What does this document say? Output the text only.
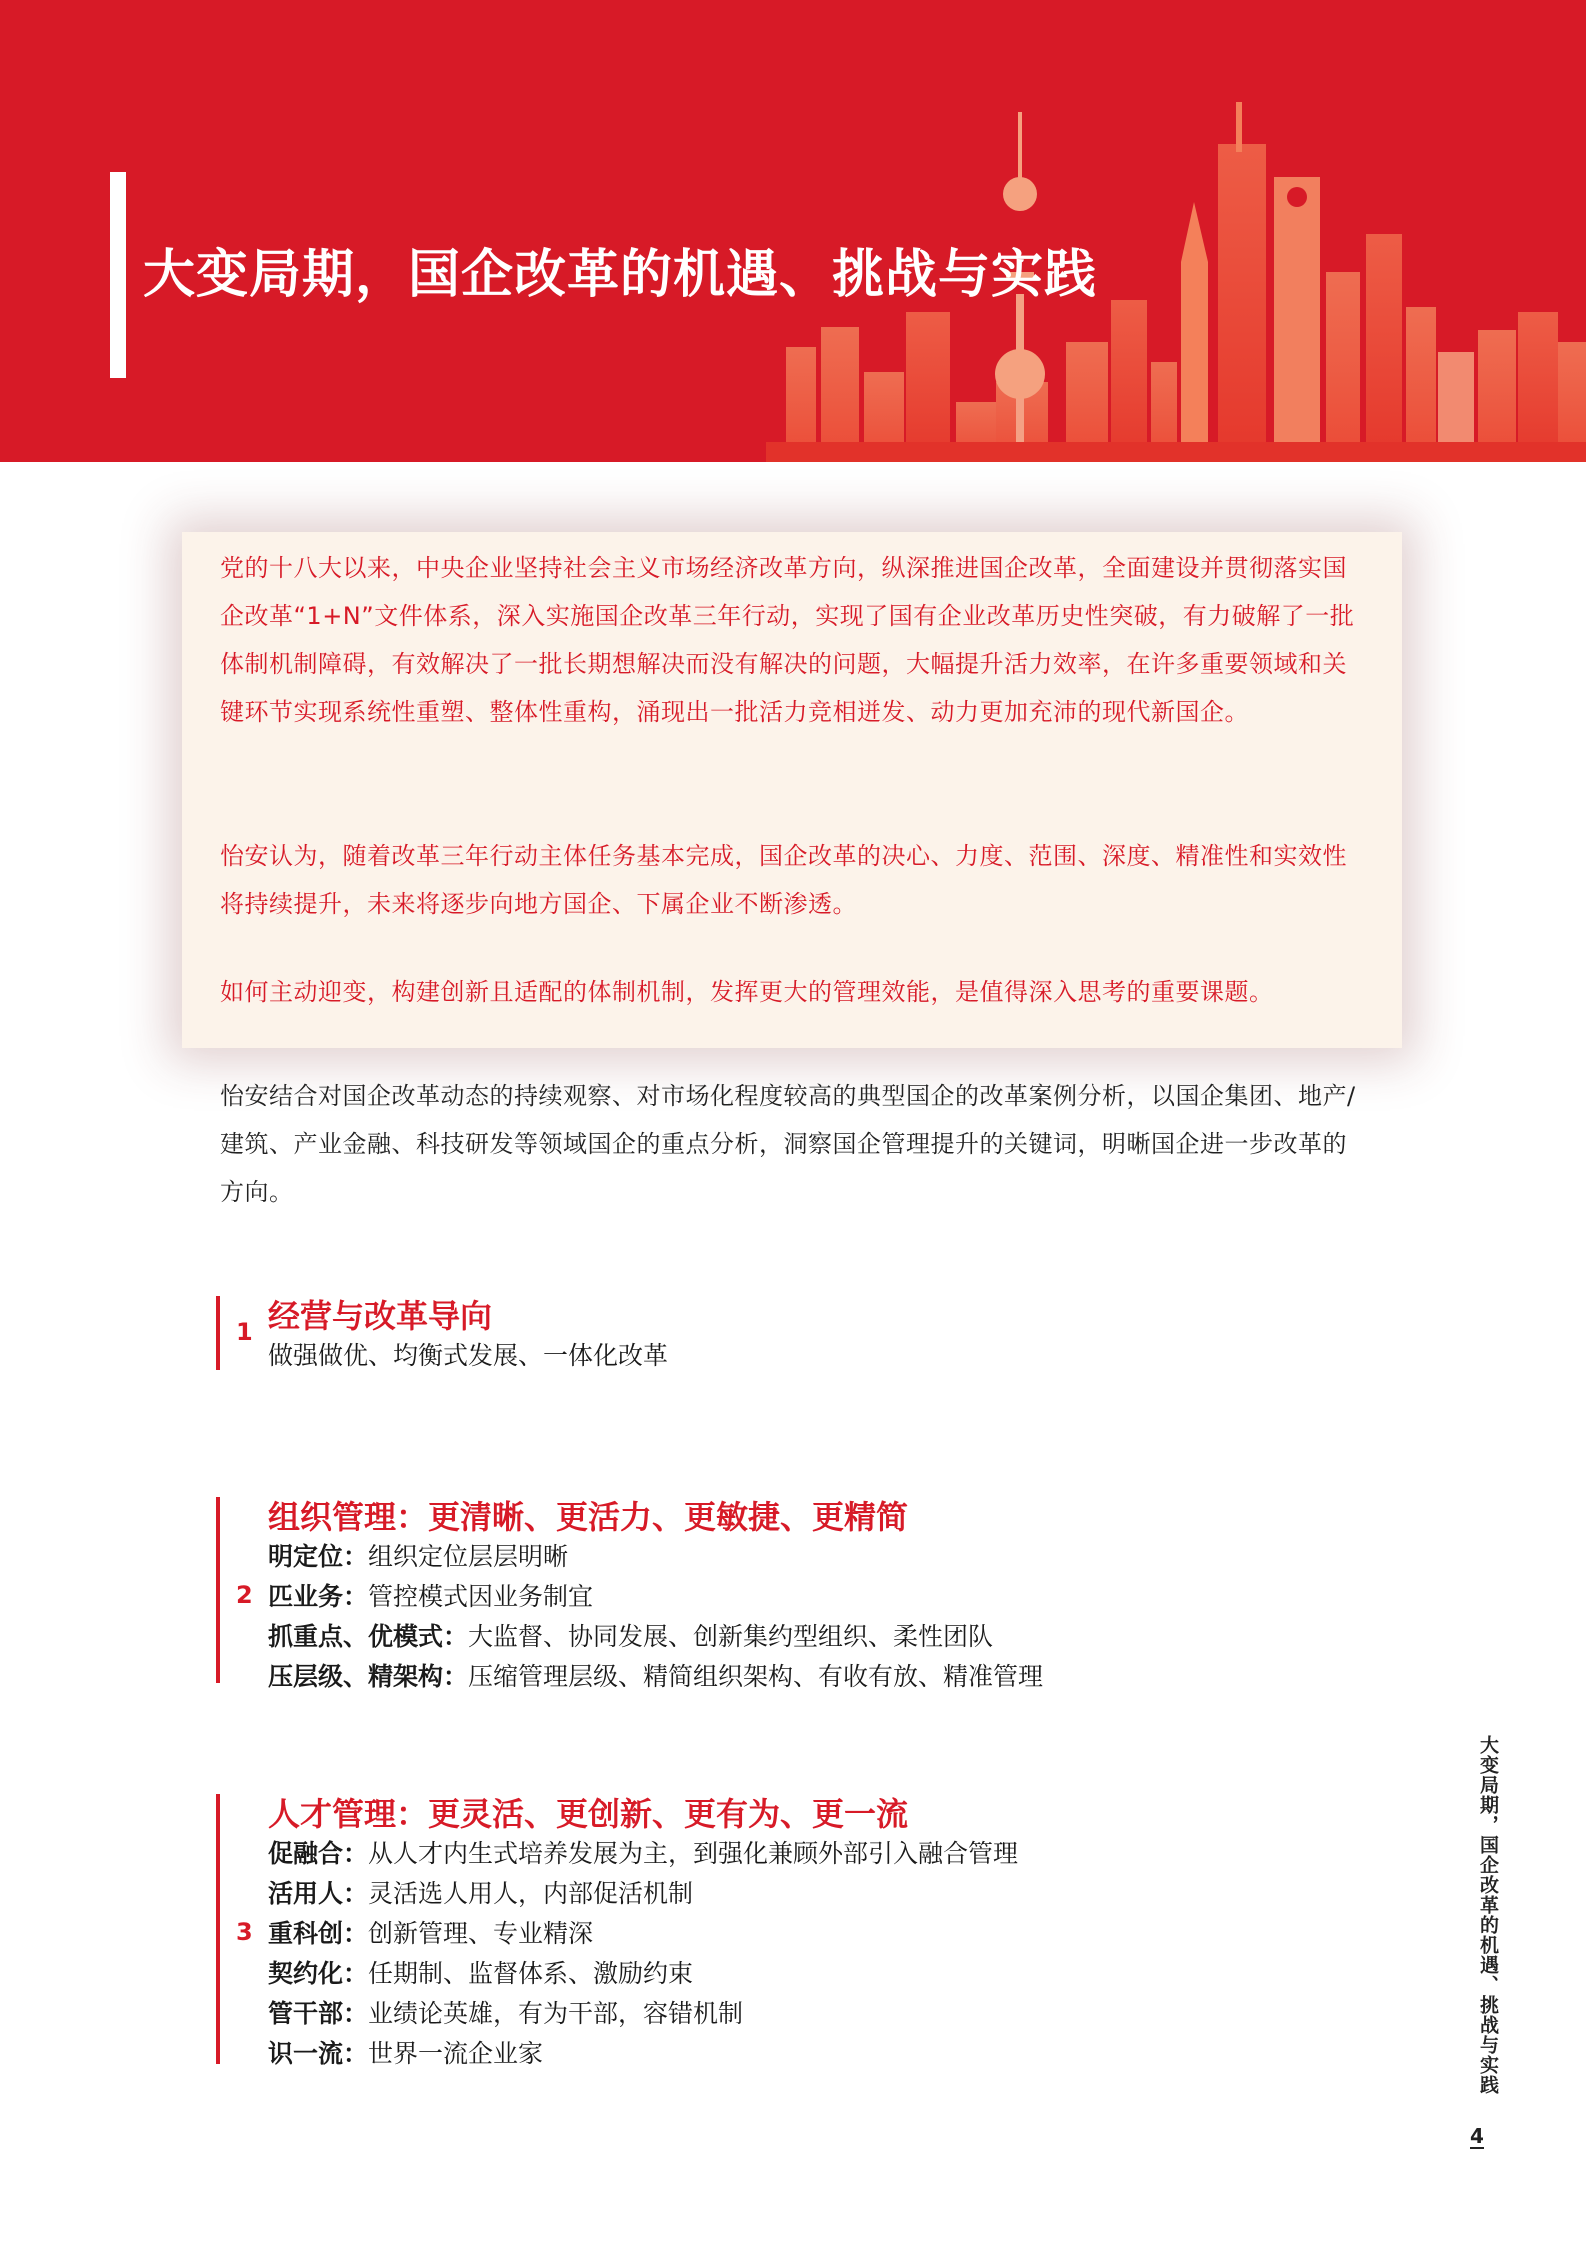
大变局期，国企改革的机遇、挑战与实践

党的十八大以来，中央企业坚持社会主义市场经济改革方向，纵深推进国企改革，全面建设并贯彻落实国企改革“1+N”文件体系，深入实施国企改革三年行动，实现了国有企业改革历史性突破，有力破解了一批体制机制障碍，有效解决了一批长期想解决而没有解决的问题，大幅提升活力效率，在许多重要领域和关键环节实现系统性重塑、整体性重构，涌现出一批活力竞相迸发、动力更加充沛的现代新国企。

怡安认为，随着改革三年行动主体任务基本完成，国企改革的决心、力度、范围、深度、精准性和实效性将持续提升，未来将逐步向地方国企、下属企业不断渗透。

如何主动迎变，构建创新且适配的体制机制，发挥更大的管理效能，是值得深入思考的重要课题。

怡安结合对国企改革动态的持续观察、对市场化程度较高的典型国企的改革案例分析，以国企集团、地产/建筑、产业金融、科技研发等领域国企的重点分析，洞察国企管理提升的关键词，明晰国企进一步改革的方向。

1 经营与改革导向
做强做优、均衡式发展、一体化改革
2
组织管理：更清晰、更活力、更敏捷、更精简
明定位：组织定位层层明晰
匹业务：管控模式因业务制宜
抓重点、优模式：大监督、协同发展、创新集约型组织、柔性团队
压层级、精架构：压缩管理层级、精简组织架构、有收有放、精准管理
3
人才管理：更灵活、更创新、更有为、更一流
促融合：从人才内生式培养发展为主，到强化兼顾外部引入融合管理
活用人：灵活选人用人，内部促活机制
重科创：创新管理、专业精深
契约化：任期制、监督体系、激励约束
管干部：业绩论英雄，有为干部，容错机制
识一流：世界一流企业家	大变局期，国企改革的机遇、挑战与实践
4
